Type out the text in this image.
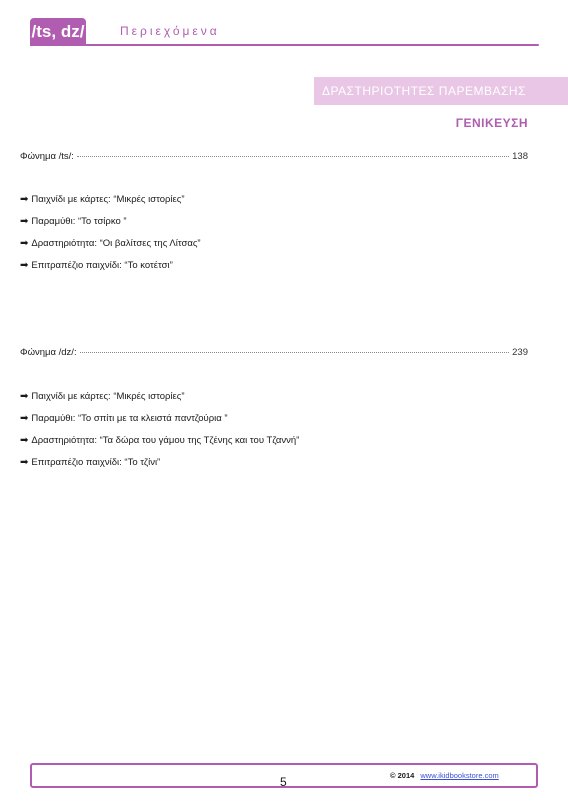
/ts, dz/	Περιεχόμενα
ΔΡΑΣΤΗΡΙΟΤΗΤΕΣ ΠΑΡΕΜΒΑΣΗΣ
ΓΕΝΙΚΕΥΣΗ
Φώνημα /ts/:	138
➡ Παιχνίδι με κάρτες: “Μικρές ιστορίες”
➡ Παραμύθι: “Το τσίρκο ”
➡ Δραστηριότητα: “Οι βαλίτσες της Λίτσας”
➡ Επιτραπέζιο παιχνίδι: “Το κοτέτσι”
Φώνημα /dz/:	239
➡ Παιχνίδι με κάρτες: “Μικρές ιστορίες”
➡ Παραμύθι: “Το σπίτι με τα κλειστά παντζούρια ”
➡ Δραστηριότητα: “Τα δώρα του γάμου της Τζένης και του Τζαννή”
➡ Επιτραπέζιο παιχνίδι: “Το τζίνι”
5	© 2014 www.ikidbookstore.com
